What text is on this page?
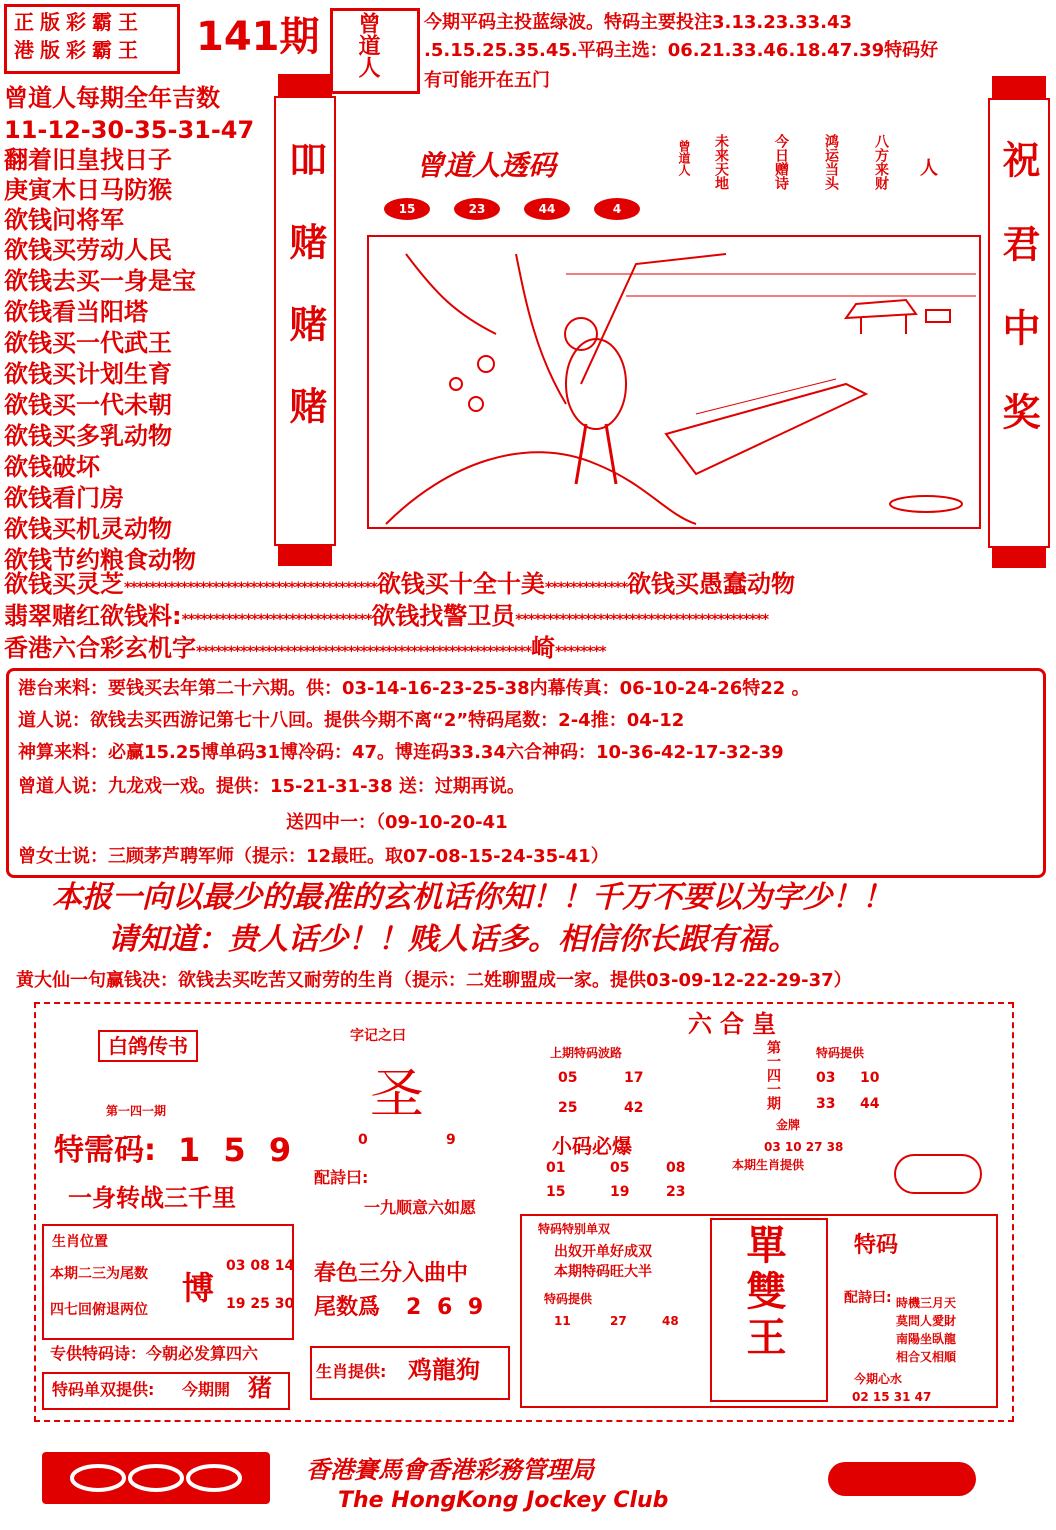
正版彩霸王
港版彩霸王	141期 曾道人 今期平码主投蓝绿波。特码主要投注3.13.23.33.43
.5.15.25.35.45.平码主选：06.21.33.46.18.47.39特码好
有可能开在五门
曾道人每期全年吉数
11-12-30-35-31-47
翻着旧皇找日子
庚寅木日马防猴
欲钱问将军
欲钱买劳动人民
欲钱去买一身是宝
欲钱看当阳塔
欲钱买一代武王
欲钱买计划生育
欲钱买一代未朝
欲钱买多乳动物
欲钱破坏
欲钱看门房
欲钱买机灵动物
欲钱节约粮食动物
吅赌赌赌	祝君中奖
曾道人透码
15	23	44	4
曾道人 未来天地	今日赠诗 鸿运当头 八方来财 人
欲钱买灵芝****************************************欲钱买十全十美*************欲钱买愚蠢动物
翡翠赌红欲钱料:******************************欲钱找警卫员****************************************
香港六合彩玄机字*****************************************************崎********
港台来料：要钱买去年第二十六期。供：03-14-16-23-25-38内幕传真：06-10-24-26特22 。
道人说：欲钱去买西游记第七十八回。提供今期不离“2”特码尾数：2-4推：04-12
神算来料：必赢15.25博单码31博冷码：47。博连码33.34六合神码：10-36-42-17-32-39
曾道人说：九龙戏一戏。提供：15-21-31-38 送：过期再说。
送四中一：（09-10-20-41
曾女士说：三顾茅芦聘军师（提示：12最旺。取07-08-15-24-35-41）
本报一向以最少的最准的玄机话你知！！千万不要以为字少！！
请知道：贵人话少！！贱人话多。相信你长跟有福。
黄大仙一句赢钱决：欲钱去买吃苦又耐劳的生肖（提示：二姓聊盟成一家。提供03-09-12-22-29-37）
白鸽传书
第一四一期
特需码: 1 5 9
一身转战三千里
生肖位置
本期二三为尾数
四七回俯退两位
博
03 08 14
19 25 30
专供特码诗：今朝必发算四六
特码单双提供: 今期開 猪
字记之曰
圣
0	9
配詩曰:
一九顺意六如愿
春色三分入曲中
尾数爲 2 6 9
生肖提供: 鸡龍狗
六合皇
上期特码波路
05	17
25	42	第一四一期
金牌
特码提供
03 10
33 44
03 10 27 38
小码必爆
01	05	08
15	19	23
本期生肖提供
特码特别单双
出奴开单好成双
本期特码旺大半
特码提供
11	27	48 單雙王	特码
配詩曰: 時機三月天
莫問人愛財
南陽坐臥龍
相合又相順
今期心水
02 15 31 47
香港賽馬會香港彩務管理局
The HongKong Jockey Club
